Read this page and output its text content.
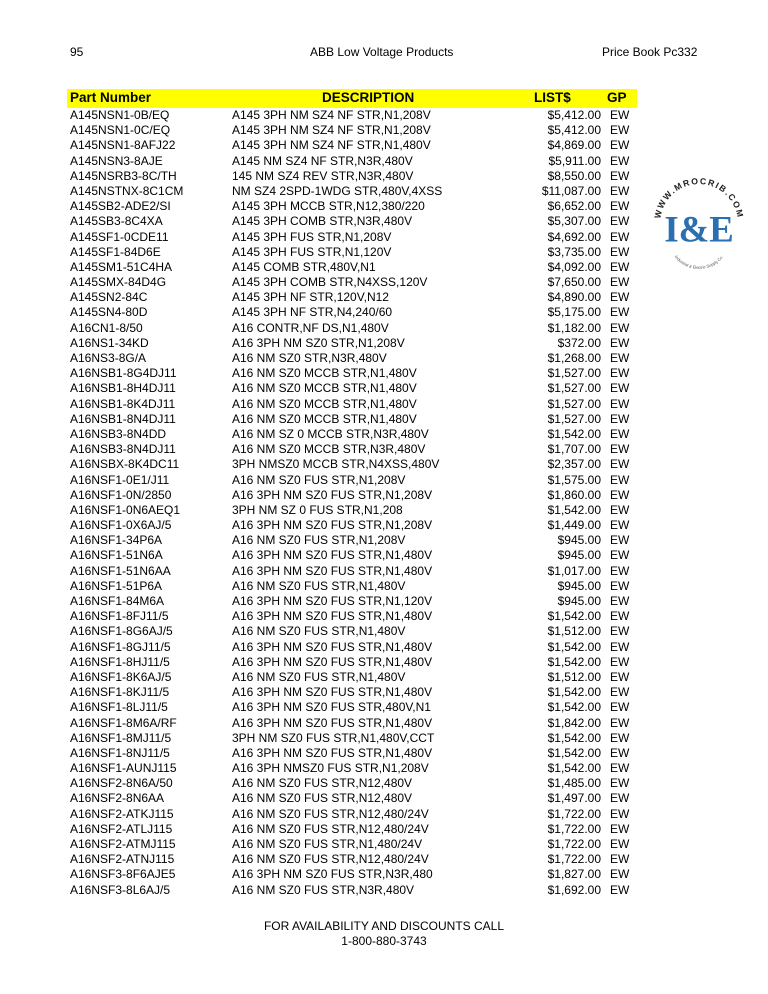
95	ABB Low Voltage Products	Price Book Pc332
Part Number	DESCRIPTION	LIST$	GP
A145NSN1-0B/EQ	A145 3PH NM SZ4 NF STR,N1,208V	$5,412.00 EW
A145NSN1-0C/EQ	A145 3PH NM SZ4 NF STR,N1,208V	$5,412.00 EW
A145NSN1-8AFJ22	A145 3PH NM SZ4 NF STR,N1,480V	$4,869.00 EW
A145NSN3-8AJE	A145 NM SZ4 NF STR,N3R,480V	$5,911.00 EW
A145NSRB3-8C/TH	145 NM SZ4 REV STR,N3R,480V	$8,550.00 EW
A145NSTNX-8C1CM	NM SZ4 2SPD-1WDG STR,480V,4XSS	$11,087.00 EW
A145SB2-ADE2/SI	A145 3PH MCCB STR,N12,380/220	$6,652.00 EW
A145SB3-8C4XA	A145 3PH COMB STR,N3R,480V	$5,307.00 EW
A145SF1-0CDE11	A145 3PH FUS STR,N1,208V	$4,692.00 EW
A145SF1-84D6E	A145 3PH FUS STR,N1,120V	$3,735.00 EW
A145SM1-51C4HA	A145 COMB STR,480V,N1	$4,092.00 EW
A145SMX-84D4G	A145 3PH COMB STR,N4XSS,120V	$7,650.00 EW
A145SN2-84C	A145 3PH NF STR,120V,N12	$4,890.00 EW
A145SN4-80D	A145 3PH NF STR,N4,240/60	$5,175.00 EW
A16CN1-8/50	A16 CONTR,NF DS,N1,480V	$1,182.00 EW
A16NS1-34KD	A16 3PH NM SZ0 STR,N1,208V	$372.00 EW
A16NS3-8G/A	A16 NM SZ0 STR,N3R,480V	$1,268.00 EW
A16NSB1-8G4DJ11	A16 NM SZ0 MCCB STR,N1,480V	$1,527.00 EW
A16NSB1-8H4DJ11	A16 NM SZ0 MCCB STR,N1,480V	$1,527.00 EW
A16NSB1-8K4DJ11	A16 NM SZ0 MCCB STR,N1,480V	$1,527.00 EW
A16NSB1-8N4DJ11	A16 NM SZ0 MCCB STR,N1,480V	$1,527.00 EW
A16NSB3-8N4DD	A16 NM SZ 0 MCCB STR,N3R,480V	$1,542.00 EW
A16NSB3-8N4DJ11	A16 NM SZ0 MCCB STR,N3R,480V	$1,707.00 EW
A16NSBX-8K4DC11	3PH NMSZ0 MCCB STR,N4XSS,480V	$2,357.00 EW
A16NSF1-0E1/J11	A16 NM SZ0 FUS STR,N1,208V	$1,575.00 EW
A16NSF1-0N/2850	A16 3PH NM SZ0 FUS STR,N1,208V	$1,860.00 EW
A16NSF1-0N6AEQ1	3PH NM SZ 0 FUS STR,N1,208	$1,542.00 EW
A16NSF1-0X6AJ/5	A16 3PH NM SZ0 FUS STR,N1,208V	$1,449.00 EW
A16NSF1-34P6A	A16 NM SZ0 FUS STR,N1,208V	$945.00 EW
A16NSF1-51N6A	A16 3PH NM SZ0 FUS STR,N1,480V	$945.00 EW
A16NSF1-51N6AA	A16 3PH NM SZ0 FUS STR,N1,480V	$1,017.00 EW
A16NSF1-51P6A	A16 NM SZ0 FUS STR,N1,480V	$945.00 EW
A16NSF1-84M6A	A16 3PH NM SZ0 FUS STR,N1,120V	$945.00 EW
A16NSF1-8FJ11/5	A16 3PH NM SZ0 FUS STR,N1,480V	$1,542.00 EW
A16NSF1-8G6AJ/5	A16 NM SZ0 FUS STR,N1,480V	$1,512.00 EW
A16NSF1-8GJ11/5	A16 3PH NM SZ0 FUS STR,N1,480V	$1,542.00 EW
A16NSF1-8HJ11/5	A16 3PH NM SZ0 FUS STR,N1,480V	$1,542.00 EW
A16NSF1-8K6AJ/5	A16 NM SZ0 FUS STR,N1,480V	$1,512.00 EW
A16NSF1-8KJ11/5	A16 3PH NM SZ0 FUS STR,N1,480V	$1,542.00 EW
A16NSF1-8LJ11/5	A16 3PH NM SZ0 FUS STR,480V,N1	$1,542.00 EW
A16NSF1-8M6A/RF	A16 3PH NM SZ0 FUS STR,N1,480V	$1,842.00 EW
A16NSF1-8MJ11/5	3PH NM SZ0 FUS STR,N1,480V,CCT	$1,542.00 EW
A16NSF1-8NJ11/5	A16 3PH NM SZ0 FUS STR,N1,480V	$1,542.00 EW
A16NSF1-AUNJ115	A16 3PH NMSZ0 FUS STR,N1,208V	$1,542.00 EW
A16NSF2-8N6A/50	A16 NM SZ0 FUS STR,N12,480V	$1,485.00 EW
A16NSF2-8N6AA	A16 NM SZ0 FUS STR,N12,480V	$1,497.00 EW
A16NSF2-ATKJ115	A16 NM SZ0 FUS STR,N12,480/24V	$1,722.00 EW
A16NSF2-ATLJ115	A16 NM SZ0 FUS STR,N12,480/24V	$1,722.00 EW
A16NSF2-ATMJ115	A16 NM SZ0 FUS STR,N1,480/24V	$1,722.00 EW
A16NSF2-ATNJ115	A16 NM SZ0 FUS STR,N12,480/24V	$1,722.00 EW
A16NSF3-8F6AJE5	A16 3PH NM SZ0 FUS STR,N3R,480	$1,827.00 EW
A16NSF3-8L6AJ/5	A16 NM SZ0 FUS STR,N3R,480V	$1,692.00 EW
WWW.MROCRIB.COM
I&E
Industrial & Electric Supply Co.
FOR AVAILABILITY AND DISCOUNTS CALL
1-800-880-3743
